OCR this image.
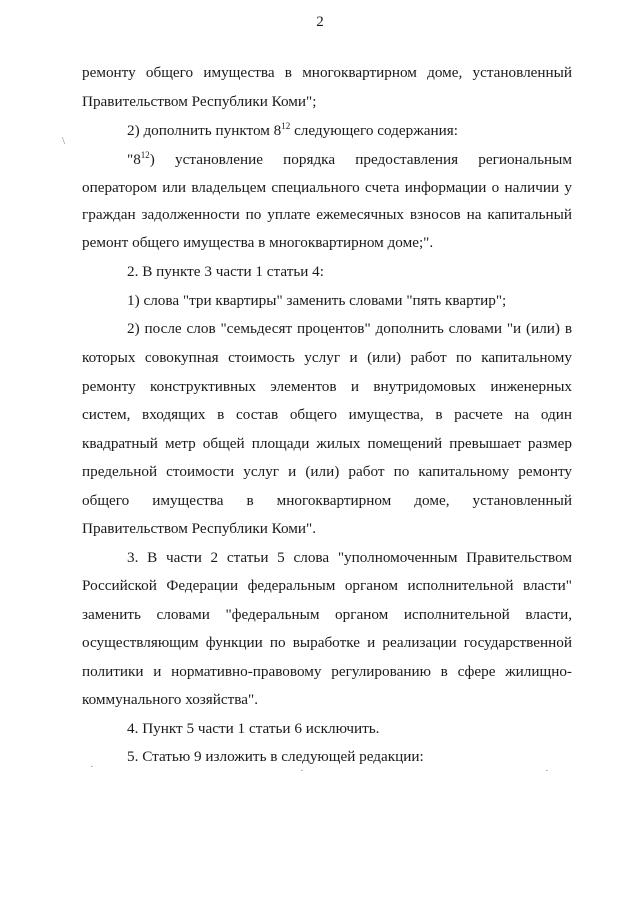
2
ремонту общего имущества в многоквартирном доме, установленный
Правительством Республики Коми";
2) дополнить пунктом $8^{12}$ следующего содержания:
"$8^{12}$) установление порядка предоставления региональным
оператором или владельцем специального счета информации о наличии у
граждан задолженности по уплате ежемесячных взносов на капитальный
ремонт общего имущества в многоквартирном доме;".
2. В пункте 3 части 1 статьи 4:
1) слова "три квартиры" заменить словами "пять квартир";
2) после слов "семьдесят процентов" дополнить словами "и (или) в
которых совокупная стоимость услуг и (или) работ по капитальному
ремонту конструктивных элементов и внутридомовых инженерных
систем, входящих в состав общего имущества, в расчете на один
квадратный метр общей площади жилых помещений превышает размер
предельной стоимости услуг и (или) работ по капитальному ремонту
общего имущества в многоквартирном доме, установленный
Правительством Республики Коми".
3. В части 2 статьи 5 слова "уполномоченным Правительством
Российской Федерации федеральным органом исполнительной власти"
заменить словами "федеральным органом исполнительной власти,
осуществляющим функции по выработке и реализации государственной
политики и нормативно-правовому регулированию в сфере жилищно-
коммунального хозяйства".
4. Пункт 5 части 1 статьи 6 исключить.
5. Статью 9 изложить в следующей редакции:
\
·	·	·
